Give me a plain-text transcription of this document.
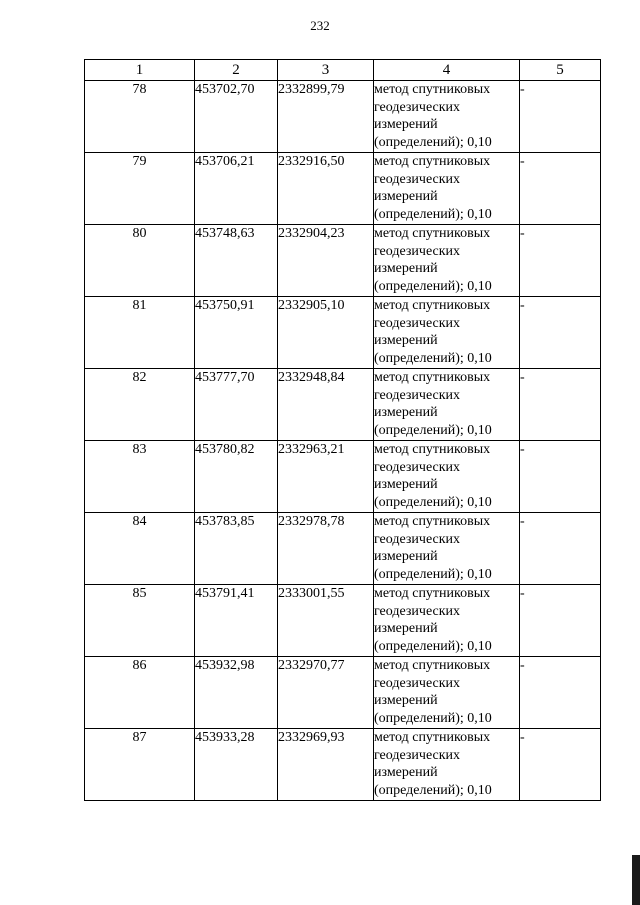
232
1	2	3	4	5
78	453702,70	2332899,79	метод спутниковых
геодезических
измерений
(определений); 0,10	-
79	453706,21	2332916,50	метод спутниковых
геодезических
измерений
(определений); 0,10	-
80	453748,63	2332904,23	метод спутниковых
геодезических
измерений
(определений); 0,10	-
81	453750,91	2332905,10	метод спутниковых
геодезических
измерений
(определений); 0,10	-
82	453777,70	2332948,84	метод спутниковых
геодезических
измерений
(определений); 0,10	-
83	453780,82	2332963,21	метод спутниковых
геодезических
измерений
(определений); 0,10	-
84	453783,85	2332978,78	метод спутниковых
геодезических
измерений
(определений); 0,10	-
85	453791,41	2333001,55	метод спутниковых
геодезических
измерений
(определений); 0,10	-
86	453932,98	2332970,77	метод спутниковых
геодезических
измерений
(определений); 0,10	-
87	453933,28	2332969,93	метод спутниковых
геодезических
измерений
(определений); 0,10	-
